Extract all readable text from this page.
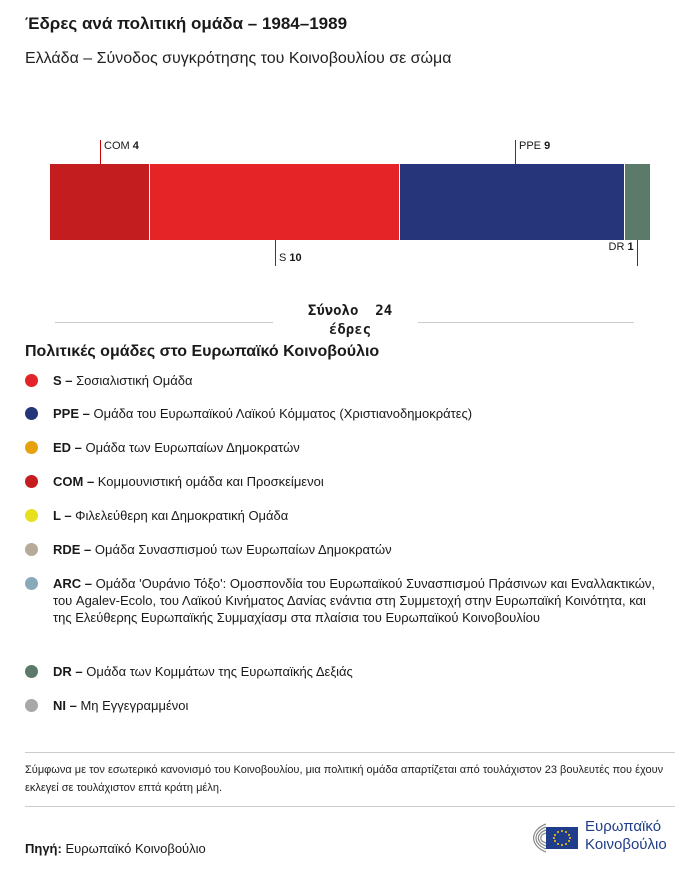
Έδρες ανά πολιτική ομάδα – 1984–1989
Ελλάδα – Σύνοδος συγκρότησης του Κοινοβουλίου σε σώμα
COM 4
S 10
PPE 9
DR 1
Σύνολο 24
έδρες
Πολιτικές ομάδες στο Ευρωπαϊκό Κοινοβούλιο
S – Σοσιαλιστική Ομάδα
PPE – Ομάδα του Ευρωπαϊκού Λαϊκού Κόμματος (Χριστιανοδημοκράτες)
ED – Ομάδα των Ευρωπαίων Δημοκρατών
COM – Κομμουνιστική ομάδα και Προσκείμενοι
L – Φιλελεύθερη και Δημοκρατική Ομάδα
RDE – Ομάδα Συνασπισμού των Ευρωπαίων Δημοκρατών
ARC – Ομάδα 'Ουράνιο Τόξο': Ομοσπονδία του Ευρωπαϊκού Συνασπισμού Πράσινων και Εναλλακτικών, του Agalev-Ecolo, του Λαϊκού Κινήματος Δανίας ενάντια στη Συμμετοχή στην Ευρωπαϊκή Κοινότητα, και της Ελεύθερης Ευρωπαϊκής Συμμαχίασμ στα πλαίσια του Ευρωπαϊκού Κοινοβουλίου
DR – Ομάδα των Κομμάτων της Ευρωπαϊκής Δεξιάς
NI – Μη Εγγεγραμμένοι
Σύμφωνα με τον εσωτερικό κανονισμό του Κοινοβουλίου, μια πολιτική ομάδα απαρτίζεται από τουλάχιστον 23 βουλευτές που έχουν εκλεγεί σε τουλάχιστον επτά κράτη μέλη.
Πηγή: Ευρωπαϊκό Κοινοβούλιο
Ευρωπαϊκό
Κοινοβούλιο
